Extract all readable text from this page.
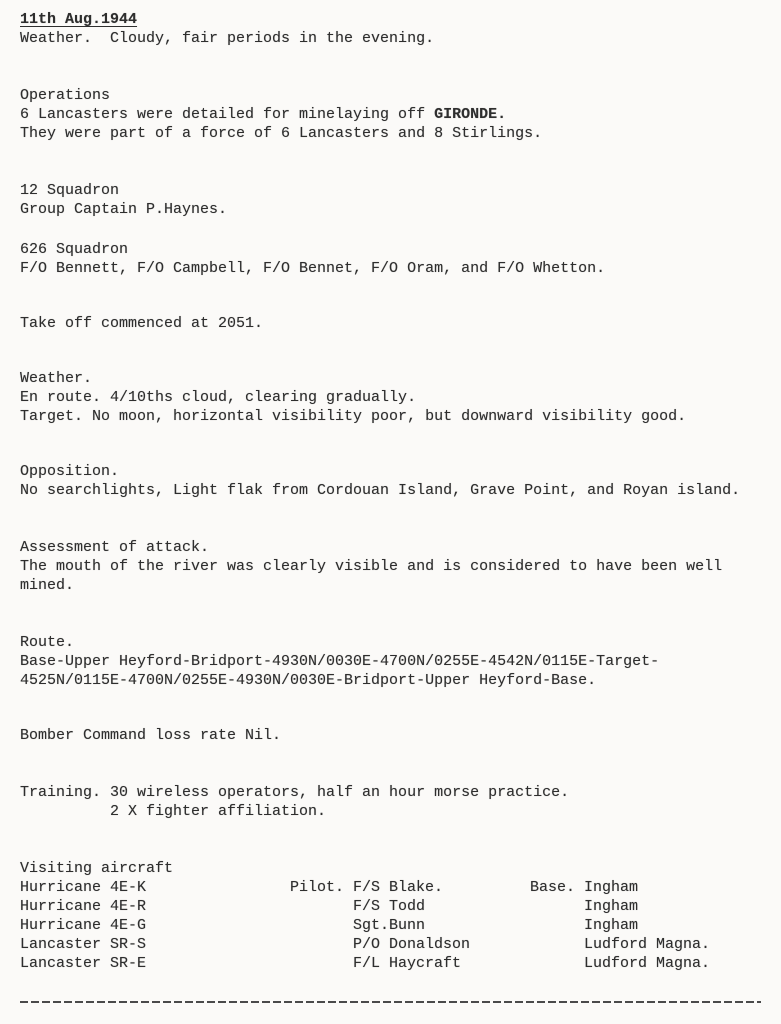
11th Aug.1944
Weather.  Cloudy, fair periods in the evening.
Operations
6 Lancasters were detailed for minelaying off GIRONDE.
They were part of a force of 6 Lancasters and 8 Stirlings.
12 Squadron
Group Captain P.Haynes.
626 Squadron
F/O Bennett, F/O Campbell, F/O Bennet, F/O Oram, and F/O Whetton.
Take off commenced at 2051.
Weather.
En route. 4/10ths cloud, clearing gradually.
Target. No moon, horizontal visibility poor, but downward visibility good.
Opposition.
No searchlights, Light flak from Cordouan Island, Grave Point, and Royan island.
Assessment of attack.
The mouth of the river was clearly visible and is considered to have been well
mined.
Route.
Base-Upper Heyford-Bridport-4930N/0030E-4700N/0255E-4542N/0115E-Target-
4525N/0115E-4700N/0255E-4930N/0030E-Bridport-Upper Heyford-Base.
Bomber Command loss rate Nil.
Training. 30 wireless operators, half an hour morse practice.
2 X fighter affiliation.
Visiting aircraft
Hurricane 4E-K	Pilot. F/S Blake.	Base. Ingham
Hurricane 4E-R	F/S Todd	Ingham
Hurricane 4E-G	Sgt.Bunn	Ingham
Lancaster SR-S	P/O Donaldson	Ludford Magna.
Lancaster SR-E	F/L Haycraft	Ludford Magna.
